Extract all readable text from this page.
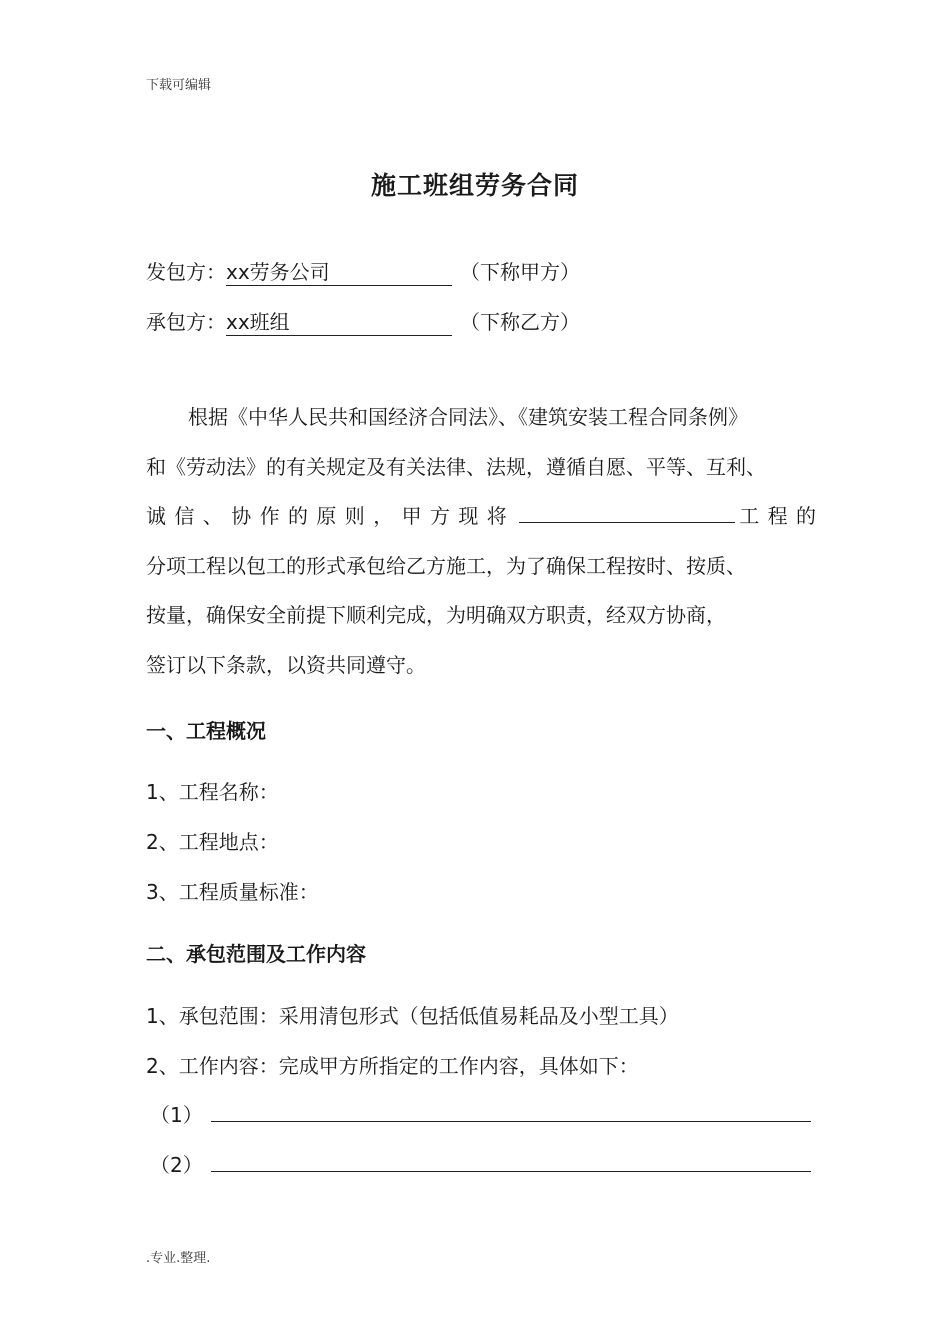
下载可编辑
施工班组劳务合同
发包方： xx劳务公司	（下称甲方）
承包方： xx班组	（下称乙方）

根据《中华人民共和国经济合同法》、《建筑安装工程合同条例》

和《劳动法》的有关规定及有关法律、法规，遵循自愿、平等、互利、

诚信、协作的原则，甲方现将	工程的

分项工程以包工的形式承包给乙方施工，为了确保工程按时、按质、

按量，确保安全前提下顺利完成，为明确双方职责，经双方协商，

签订以下条款，以资共同遵守。

一、工程概况
1、工程名称：
2、工程地点：
3、工程质量标准：
二、承包范围及工作内容
1、承包范围：采用清包形式（包括低值易耗品及小型工具）
2、工作内容：完成甲方所指定的工作内容，具体如下：
（1）
（2）
.专业.整理.
